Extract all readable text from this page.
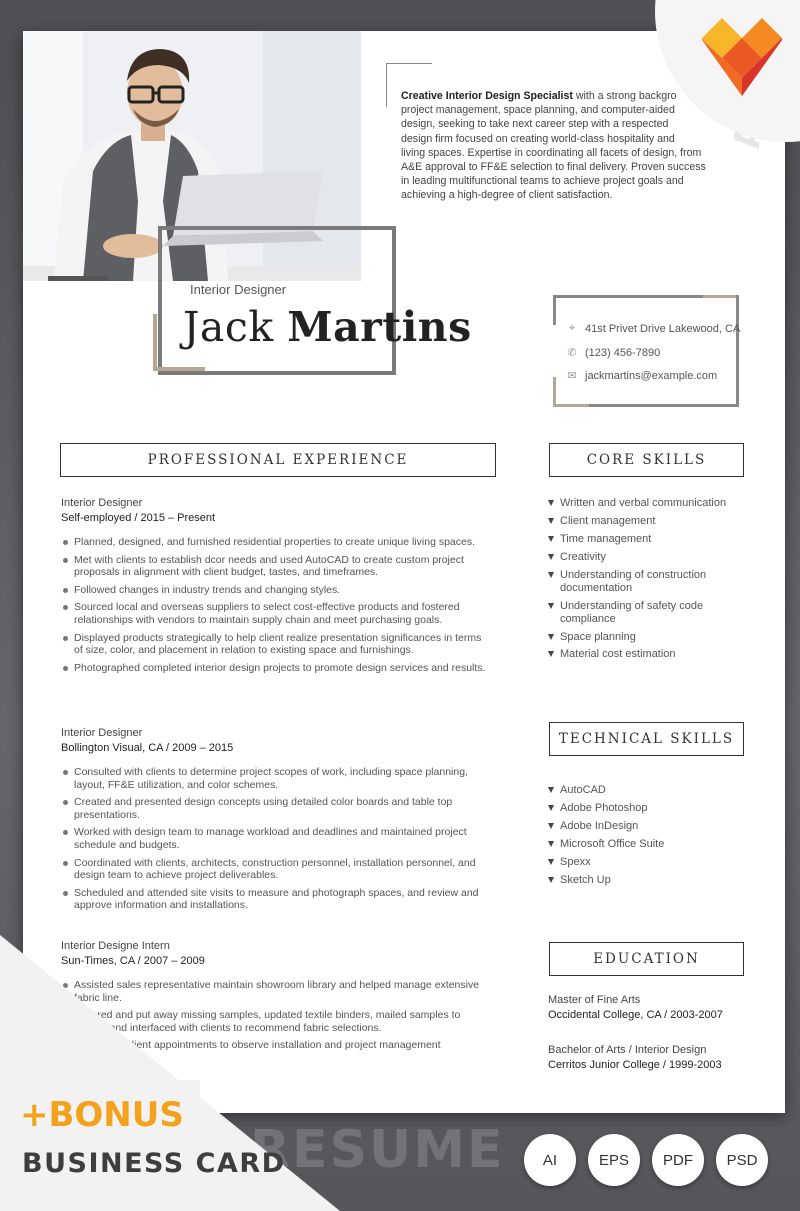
Creative Interior Design Specialist with a strong backgro
project management, space planning, and computer-aided
design, seeking to take next career step with a respected
design firm focused on creating world-class hospitality and
living spaces. Expertise in coordinating all facets of design, from
A&E approval to FF&E selection to final delivery. Proven success
in leading multifunctional teams to achieve project goals and
achieving a high-degree of client satisfaction.
Interior Designer
Jack Martins	⌖ 41st Privet Drive Lakewood, CA
✆ (123) 456-7890
✉ jackmartins@example.com
PROFESSIONAL EXPERIENCE	CORE SKILLS
TECHNICAL SKILLS
EDUCATION
Interior Designer
Self-employed / 2015 – Present
Planned, designed, and furnished residential properties to create unique living spaces.
Met with clients to establish dcor needs and used AutoCAD to create custom project proposals in alignment with client budget, tastes, and timeframes.
Followed changes in industry trends and changing styles.
Sourced local and overseas suppliers to select cost-effective products and fostered relationships with vendors to maintain supply chain and meet purchasing goals.
Displayed products strategically to help client realize presentation significances in terms of size, color, and placement in relation to existing space and furnishings.
Photographed completed interior design projects to promote design services and results.
Interior Designer
Bollington Visual, CA / 2009 – 2015
Consulted with clients to determine project scopes of work, including space planning, layout, FF&E utilization, and color schemes.
Created and presented design concepts using detailed color boards and table top presentations.
Worked with design team to manage workload and deadlines and maintained project schedule and budgets.
Coordinated with clients, architects, construction personnel, installation personnel, and design team to achieve project deliverables.
Scheduled and attended site visits to measure and photograph spaces, and review and approve information and installations.
Interior Designe Intern
Sun-Times, CA / 2007 – 2009
Assisted sales representative maintain showroom library and helped manage extensive fabric line.
Ordered and put away missing samples, updated textile binders, mailed samples to clients, and interfaced with clients to recommend fabric selections.
Scheduled client appointments to observe installation and project management
Written and verbal communication
Client management
Time management
Creativity
Understanding of construction documentation
Understanding of safety code compliance
Space planning
Material cost estimation
AutoCAD
Adobe Photoshop
Adobe InDesign
Microsoft Office Suite
Spexx
Sketch Up
Master of Fine Arts
Occidental College, CA / 2003-2007
Bachelor of Arts / Interior Design
Cerritos Junior College / 1999-2003
RESUME
+BONUS
BUSINESS CARD	AI	EPS	PDF	PSD
